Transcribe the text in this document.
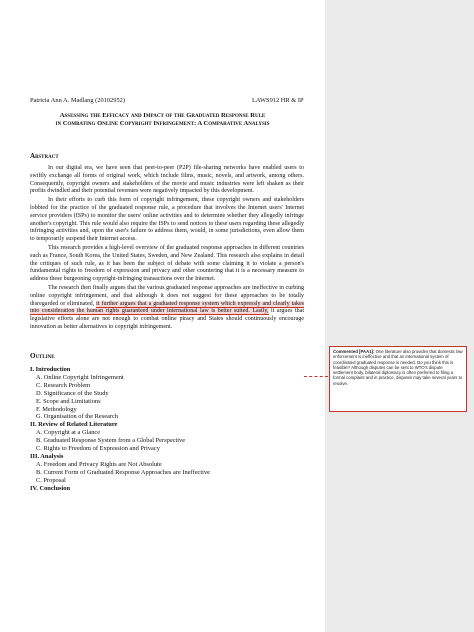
Patricia Ann A. Madlang (20102952)	LAWS912 HR & IP
Assessing the Efficacy and Impact of the Graduated Response Rule
in Combating Online Copyright Infringement: A Comparative Analysis
Abstract

In our digital era, we have seen that peer-to-peer (P2P) file-sharing networks have enabled users to swiftly exchange all forms of original work, which include films, music, novels, and artwork, among others. Consequently, copyright owners and stakeholders of the movie and music industries were left shaken as their profits dwindled and their potential revenues were negatively impacted by this development.

In their efforts to curb this form of copyright infringement, these copyright owners and stakeholders lobbied for the practice of the graduated response rule, a procedure that involves the Internet users' Internet service providers (ISPs) to monitor the users' online activities and to determine whether they allegedly infringe another's copyright. This rule would also require the ISPs to send notices to these users regarding these allegedly infringing activities and, upon the user's failure to address them, would, in some jurisdictions, even allow them to temporarily suspend their Internet access.

This research provides a high-level overview of the graduated response approaches in different countries such as France, South Korea, the United States, Sweden, and New Zealand. This research also explains in detail the critiques of such rule, as it has been the subject of debate with some claiming it to violate a person's fundamental rights to freedom of expression and privacy and other countering that it is a necessary measure to address these burgeoning copyright-infringing transactions over the Internet.

The research then finally argues that the various graduated response approaches are ineffective in curbing online copyright infringement, and that although it does not suggest for these approaches to be totally disregarded or eliminated, it further argues that a graduated response system which expressly and clearly takes into consideration the human rights guaranteed under international law is better suited. Lastly, it argues that legislative efforts alone are not enough to combat online piracy and States should continuously encourage innovation as better alternatives to copyright infringement.

Outline
I. Introduction
A. Online Copyright Infringement
C. Research Problem
D. Significance of the Study
E. Scope and Limitations
F. Methodology
G. Organisation of the Research
II. Review of Related Literature
A. Copyright at a Glance
B. Graduated Response System from a Global Perspective
C. Rights to Freedom of Expression and Privacy
III. Analysis
A. Freedom and Privacy Rights are Not Absolute
B. Current Form of Graduated Response Approaches are Ineffective
C. Proposal
IV. Conclusion
Commented [PAA1]: One literature also provides that domestic law enforcement is ineffective and that an international system of coordinated graduated response is needed. Do you think this is feasible? Although disputes can be sent to WTO's dispute settlement body, bilateral diplomacy is often preferred to filing a formal complaint and in practice, disputes may take several years to resolve.
